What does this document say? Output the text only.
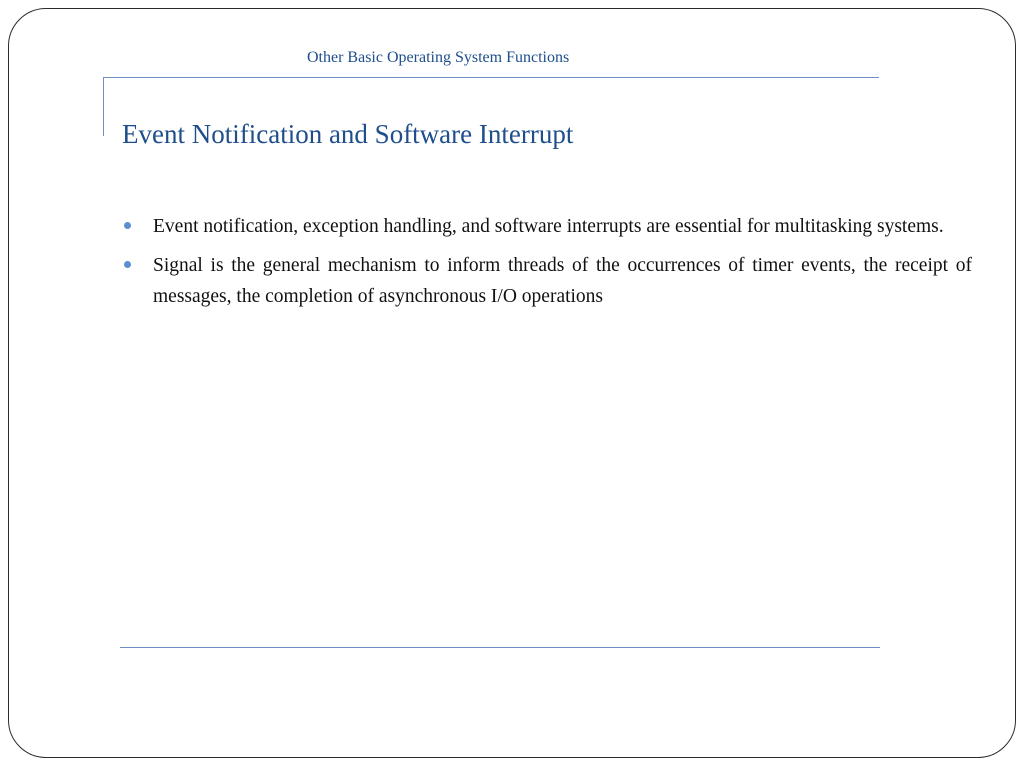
Other Basic Operating System Functions
Event Notification and Software Interrupt
Event notification, exception handling, and software interrupts are essential for multitasking systems.
Signal is the general mechanism to inform threads of the occurrences of timer events, the receipt of messages, the completion of asynchronous I/O operations
